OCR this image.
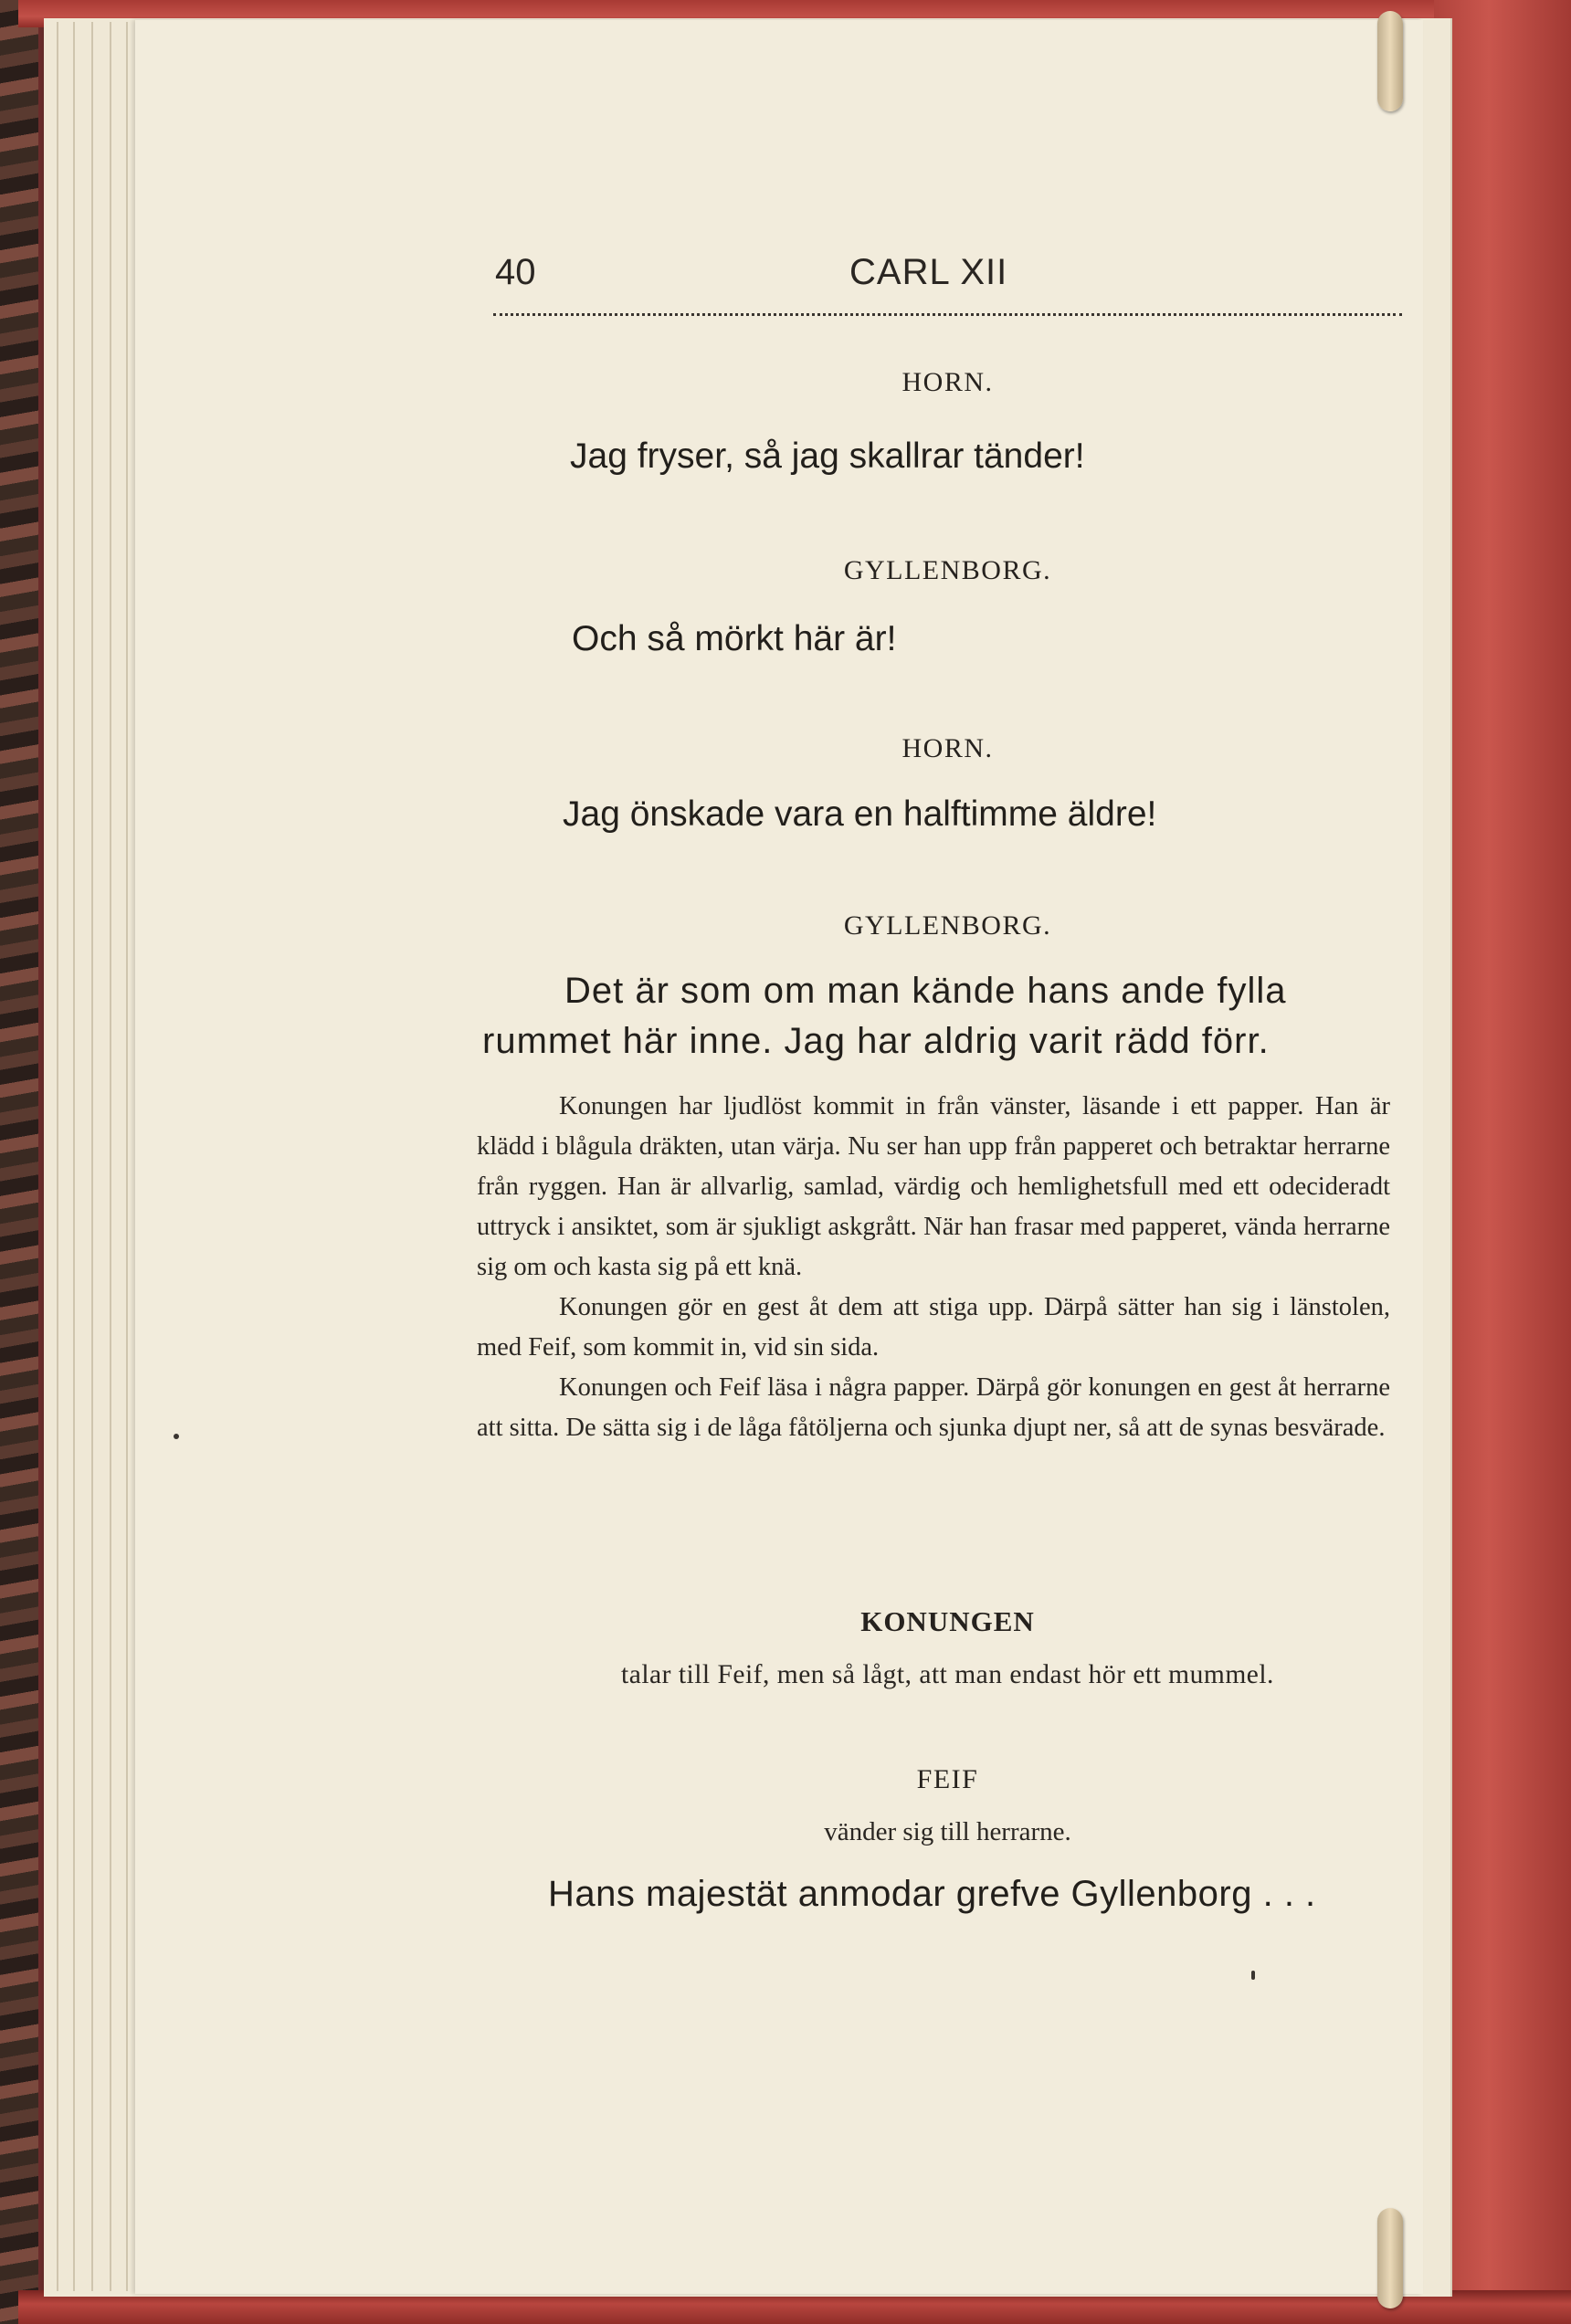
40	CARL XII
HORN.
Jag fryser, så jag skallrar tänder!
GYLLENBORG.
Och så mörkt här är!
HORN.
Jag önskade vara en halftimme äldre!
GYLLENBORG.
Det är som om man kände hans ande fylla
rummet här inne. Jag har aldrig varit rädd förr.

Konungen har ljudlöst kommit in från vänster, läsande i ett papper. Han är klädd i blågula dräkten, utan värja. Nu ser han upp från papperet och betraktar herrarne från ryggen. Han är allvarlig, samlad, värdig och hemlighetsfull med ett odecideradt uttryck i ansiktet, som är sjukligt askgrått. När han frasar med papperet, vända herrarne sig om och kasta sig på ett knä.

Konungen gör en gest åt dem att stiga upp. Därpå sätter han sig i länstolen, med Feif, som kommit in, vid sin sida.

Konungen och Feif läsa i några papper. Därpå gör konungen en gest åt herrarne att sitta. De sätta sig i de låga fåtöljerna och sjunka djupt ner, så att de synas besvärade.

KONUNGEN
talar till Feif, men så lågt, att man endast hör ett mummel.
FEIF
vänder sig till herrarne.
Hans majestät anmodar grefve Gyllenborg . . .
